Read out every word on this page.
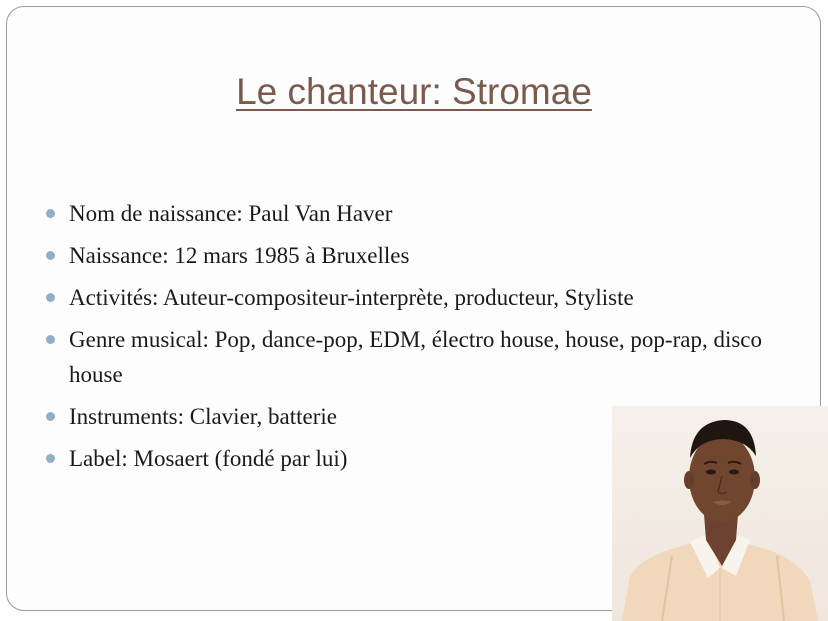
Le chanteur: Stromae
Nom de naissance: Paul Van Haver
Naissance: 12 mars 1985 à Bruxelles
Activités: Auteur-compositeur-interprète, producteur, Styliste
Genre musical: Pop, dance-pop, EDM, électro house, house, pop-rap, disco house
Instruments: Clavier, batterie
Label: Mosaert (fondé par lui)
